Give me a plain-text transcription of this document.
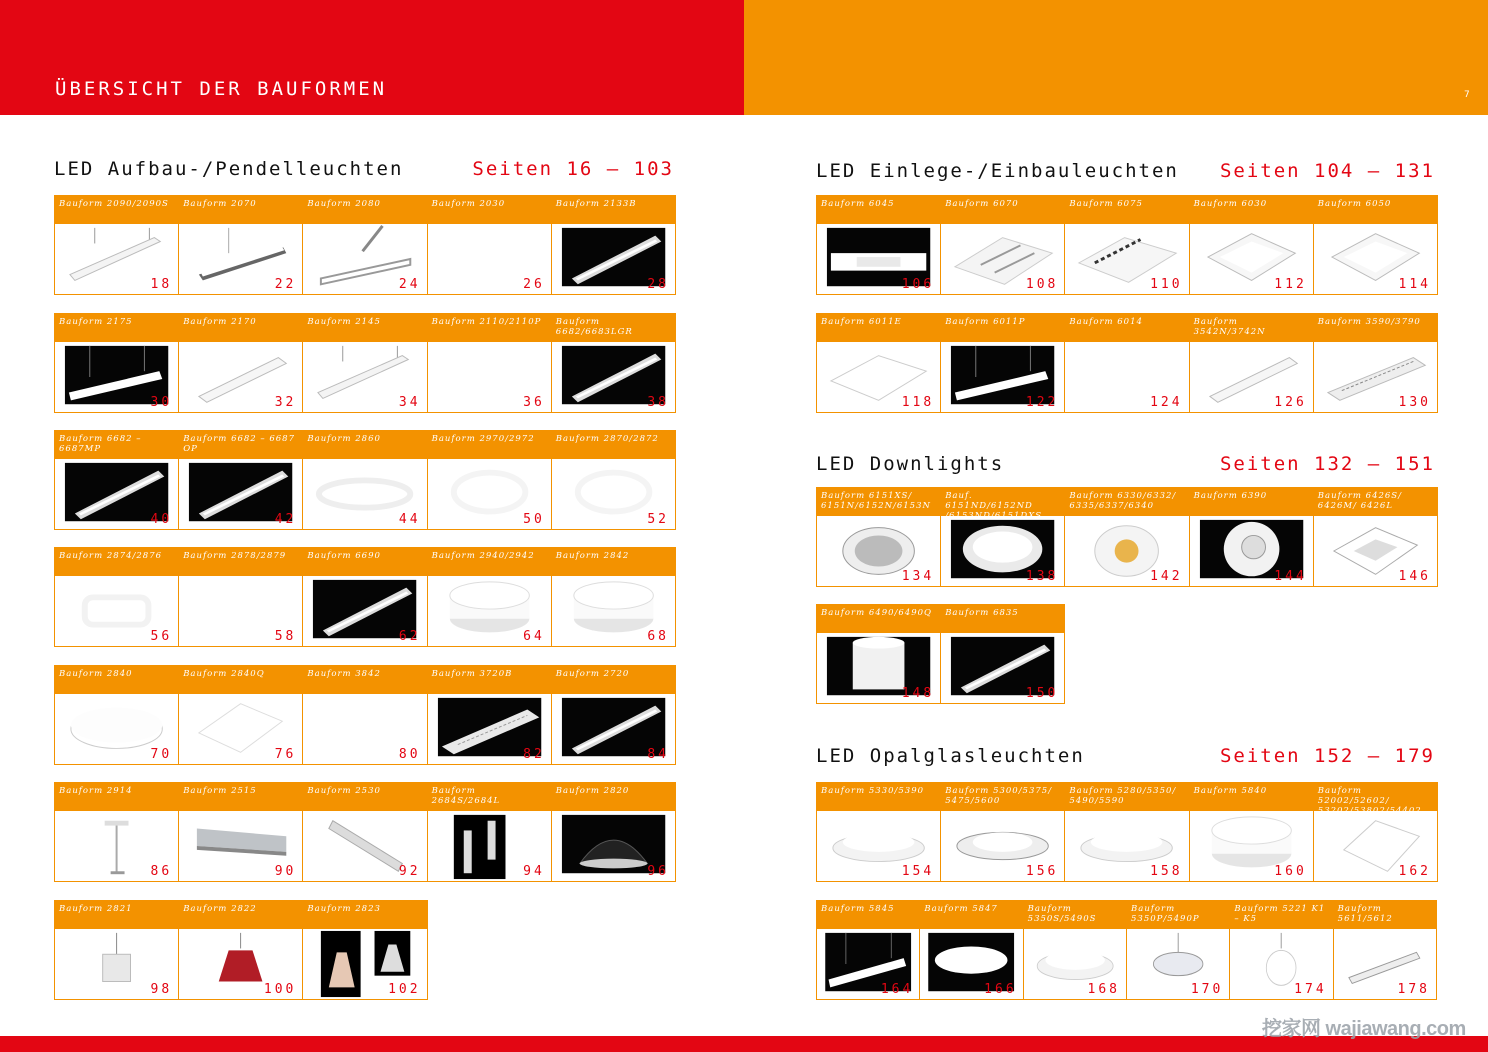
ÜBERSICHT DER BAUFORMEN	7
LED Aufbau-/Pendelleuchten	Seiten 16 – 103
Bauform 2090/2090S
18
Bauform 2070
22
Bauform 2080
24
Bauform 2030
26
Bauform 2133B
28
Bauform 2175
30
Bauform 2170
32
Bauform 2145
34
Bauform 2110/2110P
36
Bauform 6682/6683LGR
38
Bauform 6682 – 6687MP
40
Bauform 6682 – 6687 OP
42
Bauform 2860
44
Bauform 2970/2972
50
Bauform 2870/2872
52
Bauform 2874/2876
56
Bauform 2878/2879
58
Bauform 6690
62
Bauform 2940/2942
64
Bauform 2842
68
Bauform 2840
70
Bauform 2840Q
76
Bauform 3842
80
Bauform 3720B
82
Bauform 2720
84
Bauform 2914
86
Bauform 2515
90
Bauform 2530
92
Bauform 2684S/2684L
94
Bauform 2820
96
Bauform 2821
98
Bauform 2822
100
Bauform 2823
102
LED Einlege-/Einbauleuchten Seiten 104 – 131
Bauform 6045
106
Bauform 6070
108
Bauform 6075
110
Bauform 6030
112
Bauform 6050
114
Bauform 6011E
118
Bauform 6011P
122
Bauform 6014
124
Bauform 3542N/3742N
126
Bauform 3590/3790
130
LED Downlights	Seiten 132 – 151
Bauform 6151XS/ 6151N/6152N/6153N
134
Bauf. 6151ND/6152ND /6153ND/6151DXS
138
Bauform 6330/6332/ 6335/6337/6340
142
Bauform 6390
144
Bauform 6426S/ 6426M/ 6426L
146
Bauform 6490/6490Q
148
Bauform 6835
150
LED Opalglasleuchten	Seiten 152 – 179
Bauform 5330/5390
154
Bauform 5300/5375/ 5475/5600
156
Bauform 5280/5350/ 5490/5590
158
Bauform 5840
160
Bauform 52002/52602/ 53202/53802/54402
162
Bauform 5845
164
Bauform 5847
166
Bauform 5350S/5490S
168
Bauform 5350P/5490P
170
Bauform 5221 K1 – K5
174
Bauform 5611/5612
178
挖家网 wajiawang.com
